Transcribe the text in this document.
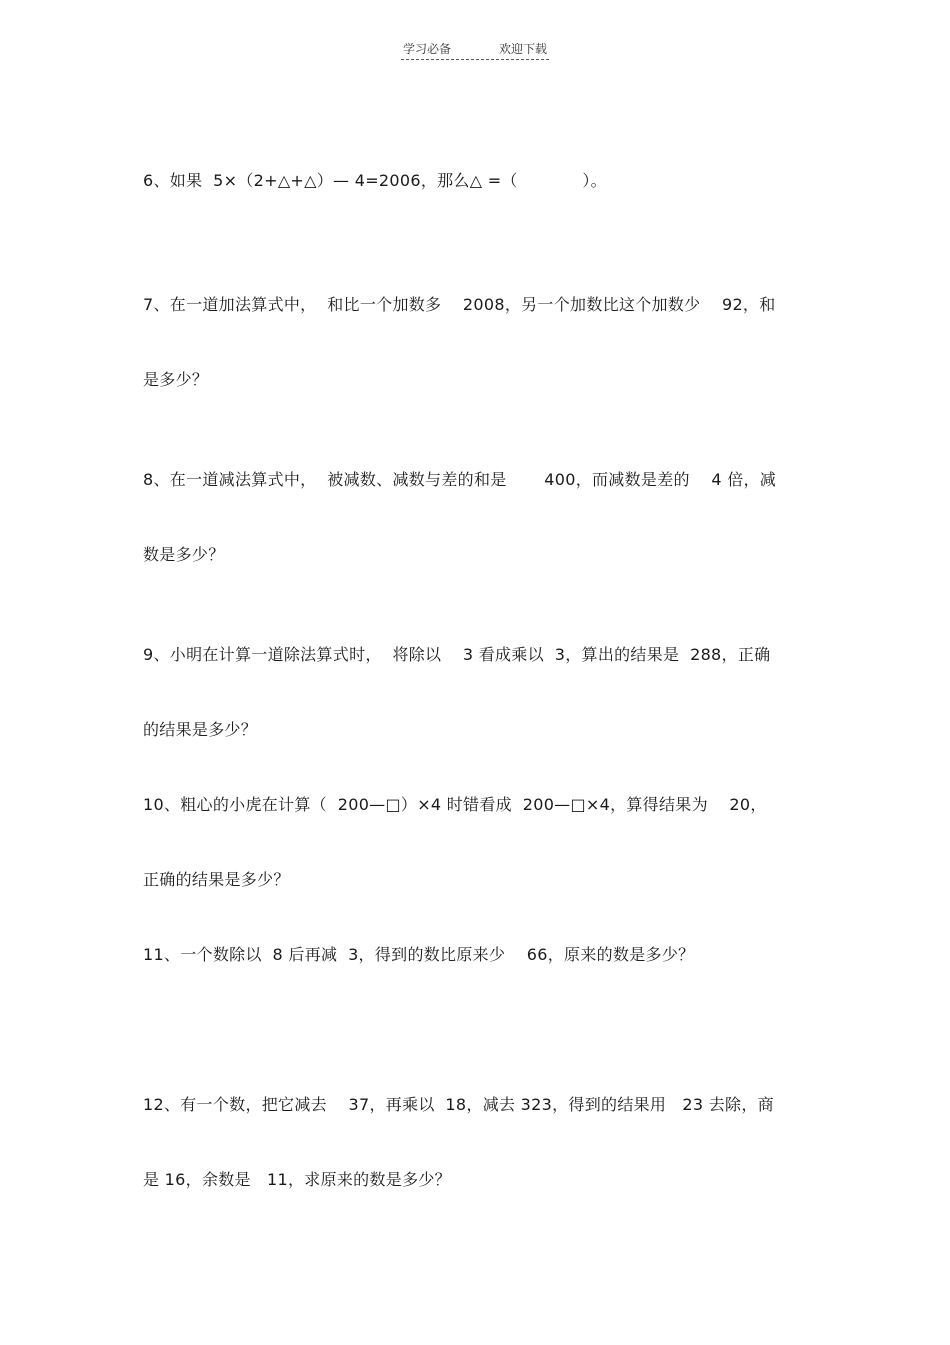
学习必备	欢迎下载

6、如果  5×（2+△+△）— 4=2006，那么△ =（            ）。

7、在一道加法算式中，  和比一个加数多    2008，另一个加数比这个加数少    92，和

是多少？

8、在一道减法算式中，  被减数、减数与差的和是       400，而减数是差的    4 倍，减

数是多少？

9、小明在计算一道除法算式时，  将除以    3 看成乘以  3，算出的结果是  288，正确

的结果是多少？

10、粗心的小虎在计算（  200—□）×4 时错看成  200—□×4，算得结果为    20，

正确的结果是多少？

11、一个数除以  8 后再减  3，得到的数比原来少    66，原来的数是多少？

12、有一个数，把它减去    37，再乘以  18，减去 323，得到的结果用   23 去除，商

是 16，余数是   11，求原来的数是多少？
